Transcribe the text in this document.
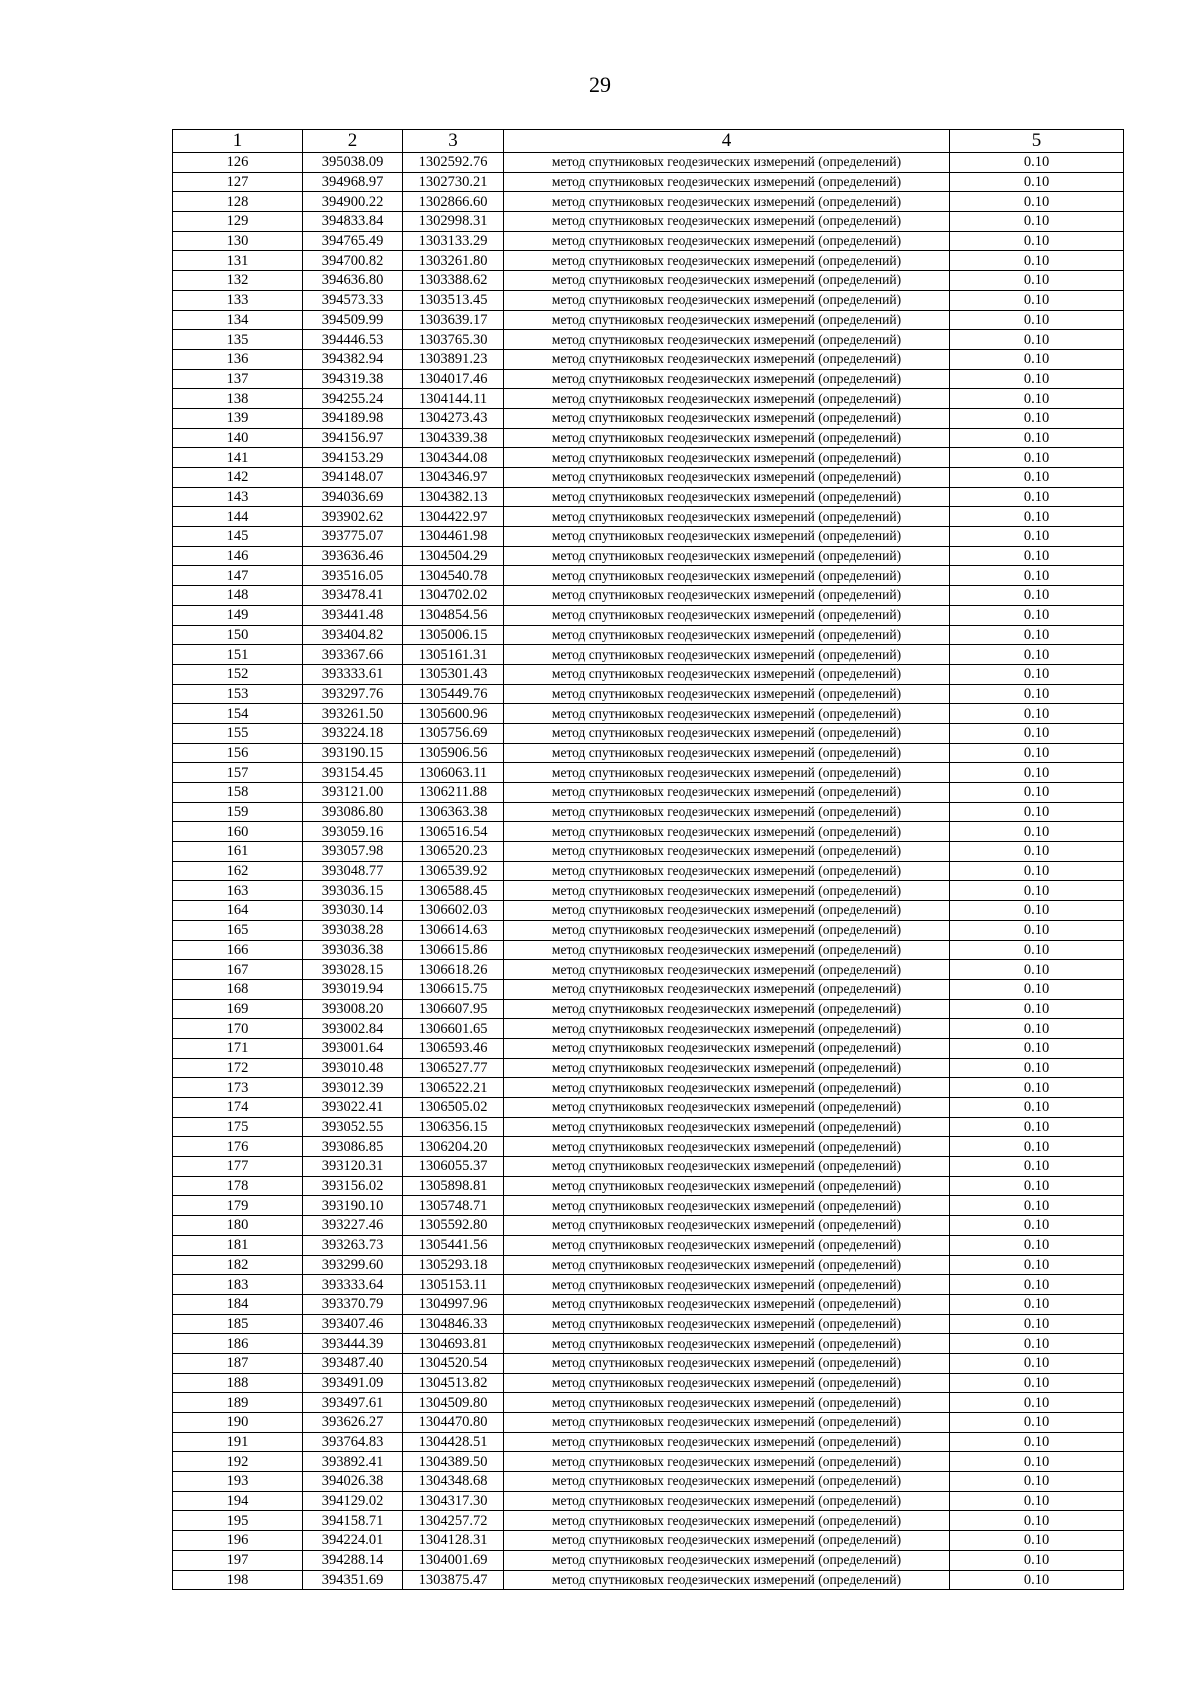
29
1	2	3	4	5
126	395038.09	1302592.76	метод спутниковых геодезических измерений (определений)	0.10
127	394968.97	1302730.21	метод спутниковых геодезических измерений (определений)	0.10
128	394900.22	1302866.60	метод спутниковых геодезических измерений (определений)	0.10
129	394833.84	1302998.31	метод спутниковых геодезических измерений (определений)	0.10
130	394765.49	1303133.29	метод спутниковых геодезических измерений (определений)	0.10
131	394700.82	1303261.80	метод спутниковых геодезических измерений (определений)	0.10
132	394636.80	1303388.62	метод спутниковых геодезических измерений (определений)	0.10
133	394573.33	1303513.45	метод спутниковых геодезических измерений (определений)	0.10
134	394509.99	1303639.17	метод спутниковых геодезических измерений (определений)	0.10
135	394446.53	1303765.30	метод спутниковых геодезических измерений (определений)	0.10
136	394382.94	1303891.23	метод спутниковых геодезических измерений (определений)	0.10
137	394319.38	1304017.46	метод спутниковых геодезических измерений (определений)	0.10
138	394255.24	1304144.11	метод спутниковых геодезических измерений (определений)	0.10
139	394189.98	1304273.43	метод спутниковых геодезических измерений (определений)	0.10
140	394156.97	1304339.38	метод спутниковых геодезических измерений (определений)	0.10
141	394153.29	1304344.08	метод спутниковых геодезических измерений (определений)	0.10
142	394148.07	1304346.97	метод спутниковых геодезических измерений (определений)	0.10
143	394036.69	1304382.13	метод спутниковых геодезических измерений (определений)	0.10
144	393902.62	1304422.97	метод спутниковых геодезических измерений (определений)	0.10
145	393775.07	1304461.98	метод спутниковых геодезических измерений (определений)	0.10
146	393636.46	1304504.29	метод спутниковых геодезических измерений (определений)	0.10
147	393516.05	1304540.78	метод спутниковых геодезических измерений (определений)	0.10
148	393478.41	1304702.02	метод спутниковых геодезических измерений (определений)	0.10
149	393441.48	1304854.56	метод спутниковых геодезических измерений (определений)	0.10
150	393404.82	1305006.15	метод спутниковых геодезических измерений (определений)	0.10
151	393367.66	1305161.31	метод спутниковых геодезических измерений (определений)	0.10
152	393333.61	1305301.43	метод спутниковых геодезических измерений (определений)	0.10
153	393297.76	1305449.76	метод спутниковых геодезических измерений (определений)	0.10
154	393261.50	1305600.96	метод спутниковых геодезических измерений (определений)	0.10
155	393224.18	1305756.69	метод спутниковых геодезических измерений (определений)	0.10
156	393190.15	1305906.56	метод спутниковых геодезических измерений (определений)	0.10
157	393154.45	1306063.11	метод спутниковых геодезических измерений (определений)	0.10
158	393121.00	1306211.88	метод спутниковых геодезических измерений (определений)	0.10
159	393086.80	1306363.38	метод спутниковых геодезических измерений (определений)	0.10
160	393059.16	1306516.54	метод спутниковых геодезических измерений (определений)	0.10
161	393057.98	1306520.23	метод спутниковых геодезических измерений (определений)	0.10
162	393048.77	1306539.92	метод спутниковых геодезических измерений (определений)	0.10
163	393036.15	1306588.45	метод спутниковых геодезических измерений (определений)	0.10
164	393030.14	1306602.03	метод спутниковых геодезических измерений (определений)	0.10
165	393038.28	1306614.63	метод спутниковых геодезических измерений (определений)	0.10
166	393036.38	1306615.86	метод спутниковых геодезических измерений (определений)	0.10
167	393028.15	1306618.26	метод спутниковых геодезических измерений (определений)	0.10
168	393019.94	1306615.75	метод спутниковых геодезических измерений (определений)	0.10
169	393008.20	1306607.95	метод спутниковых геодезических измерений (определений)	0.10
170	393002.84	1306601.65	метод спутниковых геодезических измерений (определений)	0.10
171	393001.64	1306593.46	метод спутниковых геодезических измерений (определений)	0.10
172	393010.48	1306527.77	метод спутниковых геодезических измерений (определений)	0.10
173	393012.39	1306522.21	метод спутниковых геодезических измерений (определений)	0.10
174	393022.41	1306505.02	метод спутниковых геодезических измерений (определений)	0.10
175	393052.55	1306356.15	метод спутниковых геодезических измерений (определений)	0.10
176	393086.85	1306204.20	метод спутниковых геодезических измерений (определений)	0.10
177	393120.31	1306055.37	метод спутниковых геодезических измерений (определений)	0.10
178	393156.02	1305898.81	метод спутниковых геодезических измерений (определений)	0.10
179	393190.10	1305748.71	метод спутниковых геодезических измерений (определений)	0.10
180	393227.46	1305592.80	метод спутниковых геодезических измерений (определений)	0.10
181	393263.73	1305441.56	метод спутниковых геодезических измерений (определений)	0.10
182	393299.60	1305293.18	метод спутниковых геодезических измерений (определений)	0.10
183	393333.64	1305153.11	метод спутниковых геодезических измерений (определений)	0.10
184	393370.79	1304997.96	метод спутниковых геодезических измерений (определений)	0.10
185	393407.46	1304846.33	метод спутниковых геодезических измерений (определений)	0.10
186	393444.39	1304693.81	метод спутниковых геодезических измерений (определений)	0.10
187	393487.40	1304520.54	метод спутниковых геодезических измерений (определений)	0.10
188	393491.09	1304513.82	метод спутниковых геодезических измерений (определений)	0.10
189	393497.61	1304509.80	метод спутниковых геодезических измерений (определений)	0.10
190	393626.27	1304470.80	метод спутниковых геодезических измерений (определений)	0.10
191	393764.83	1304428.51	метод спутниковых геодезических измерений (определений)	0.10
192	393892.41	1304389.50	метод спутниковых геодезических измерений (определений)	0.10
193	394026.38	1304348.68	метод спутниковых геодезических измерений (определений)	0.10
194	394129.02	1304317.30	метод спутниковых геодезических измерений (определений)	0.10
195	394158.71	1304257.72	метод спутниковых геодезических измерений (определений)	0.10
196	394224.01	1304128.31	метод спутниковых геодезических измерений (определений)	0.10
197	394288.14	1304001.69	метод спутниковых геодезических измерений (определений)	0.10
198	394351.69	1303875.47	метод спутниковых геодезических измерений (определений)	0.10
